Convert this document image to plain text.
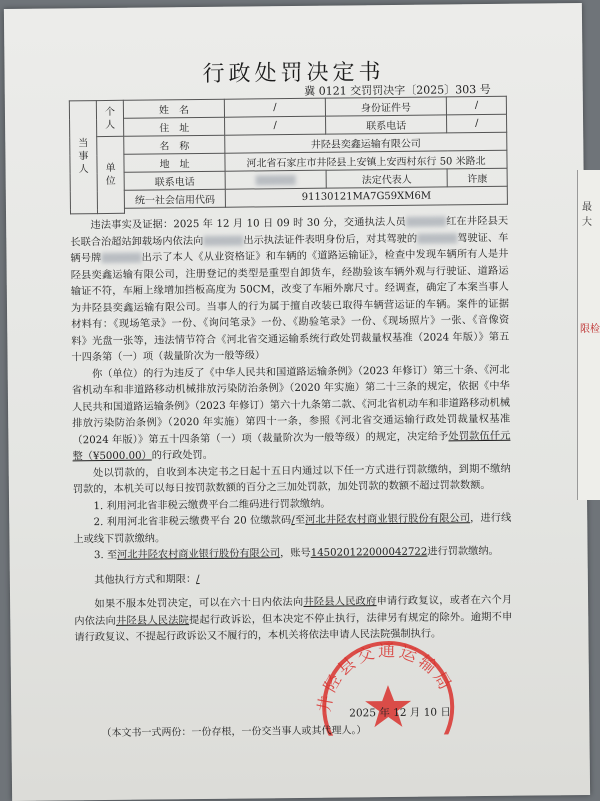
行政处罚决定书
冀 0121 交罚罚决字〔2025〕303 号
当事人	个人	姓　名	/	身份证件号	/
		住　址	/	联系电话	/
	单位	名　称	井陉县奕鑫运输有限公司		
		地　址	河北省石家庄市井陉县上安镇上安西村东行 50 米路北		
		联系电话		法定代表人	许康
		统一社会信用代码	91130121MA7G59XM6M		

违法事实及证据：2025 年 12 月 10 日 09 时 30 分，交通执法人员	红在井陉县天长联合治超站卸载场内依法向	出示执法证件表明身份后，对其驾驶的	驾驶证、车辆号牌	出示了本人《从业资格证》和车辆的《道路运输证》，检查中发现车辆所有人是井陉县奕鑫运输有限公司，注册登记的类型是重型自卸货车，经勘验该车辆外观与行驶证、道路运输证不符，车厢上缘增加挡板高度为 50CM，改变了车厢外廓尺寸。经调查，确定了本案当事人为井陉县奕鑫运输有限公司。当事人的行为属于擅自改装已取得车辆营运证的车辆。案件的证据材料有：《现场笔录》一份、《询问笔录》一份、《勘验笔录》一份、《现场照片》一张、《音像资料》光盘一张等，违法情节符合《河北省交通运输系统行政处罚裁量权基准（2024 年版）》第五十四条第（一）项（裁量阶次为一般等级）

你（单位）的行为违反了《中华人民共和国道路运输条例》（2023 年修订）第三十条、《河北省机动车和非道路移动机械排放污染防治条例》（2020 年实施）第二十三条的规定，依据《中华人民共和国道路运输条例》（2023 年修订）第六十九条第二款、《河北省机动车和非道路移动机械排放污染防治条例》（2020 年实施）第四十一条，参照《河北省交通运输行政处罚裁量权基准（2024 年版）》第五十四条第（一）项（裁量阶次为一般等级）的规定，决定给予处罚款伍仟元整（¥5000.00）的行政处罚。

处以罚款的，自收到本决定书之日起十五日内通过以下任一方式进行罚款缴纳，到期不缴纳罚款的，本机关可以每日按罚款数额的百分之三加处罚款，加处罚款的数额不超过罚款数额。

1. 利用河北省非税云缴费平台二维码进行罚款缴纳。

2. 利用河北省非税云缴费平台 20 位缴款码/至河北井陉农村商业银行股份有限公司，进行线上或线下罚款缴纳。

3. 至河北井陉农村商业银行股份有限公司，账号145020122000042722进行罚款缴纳。

其他执行方式和期限：/

如果不服本处罚决定，可以在六十日内依法向井陉县人民政府申请行政复议，或者在六个月内依法向井陉县人民法院提起行政诉讼，但本决定不停止执行，法律另有规定的除外。逾期不申请行政复议、不提起行政诉讼又不履行的，本机关将依法申请人民法院强制执行。

井陉县交通运输局
2025 年 12 月 10 日
（本文书一式两份：一份存根，一份交当事人或其代理人。）
最大
限检
